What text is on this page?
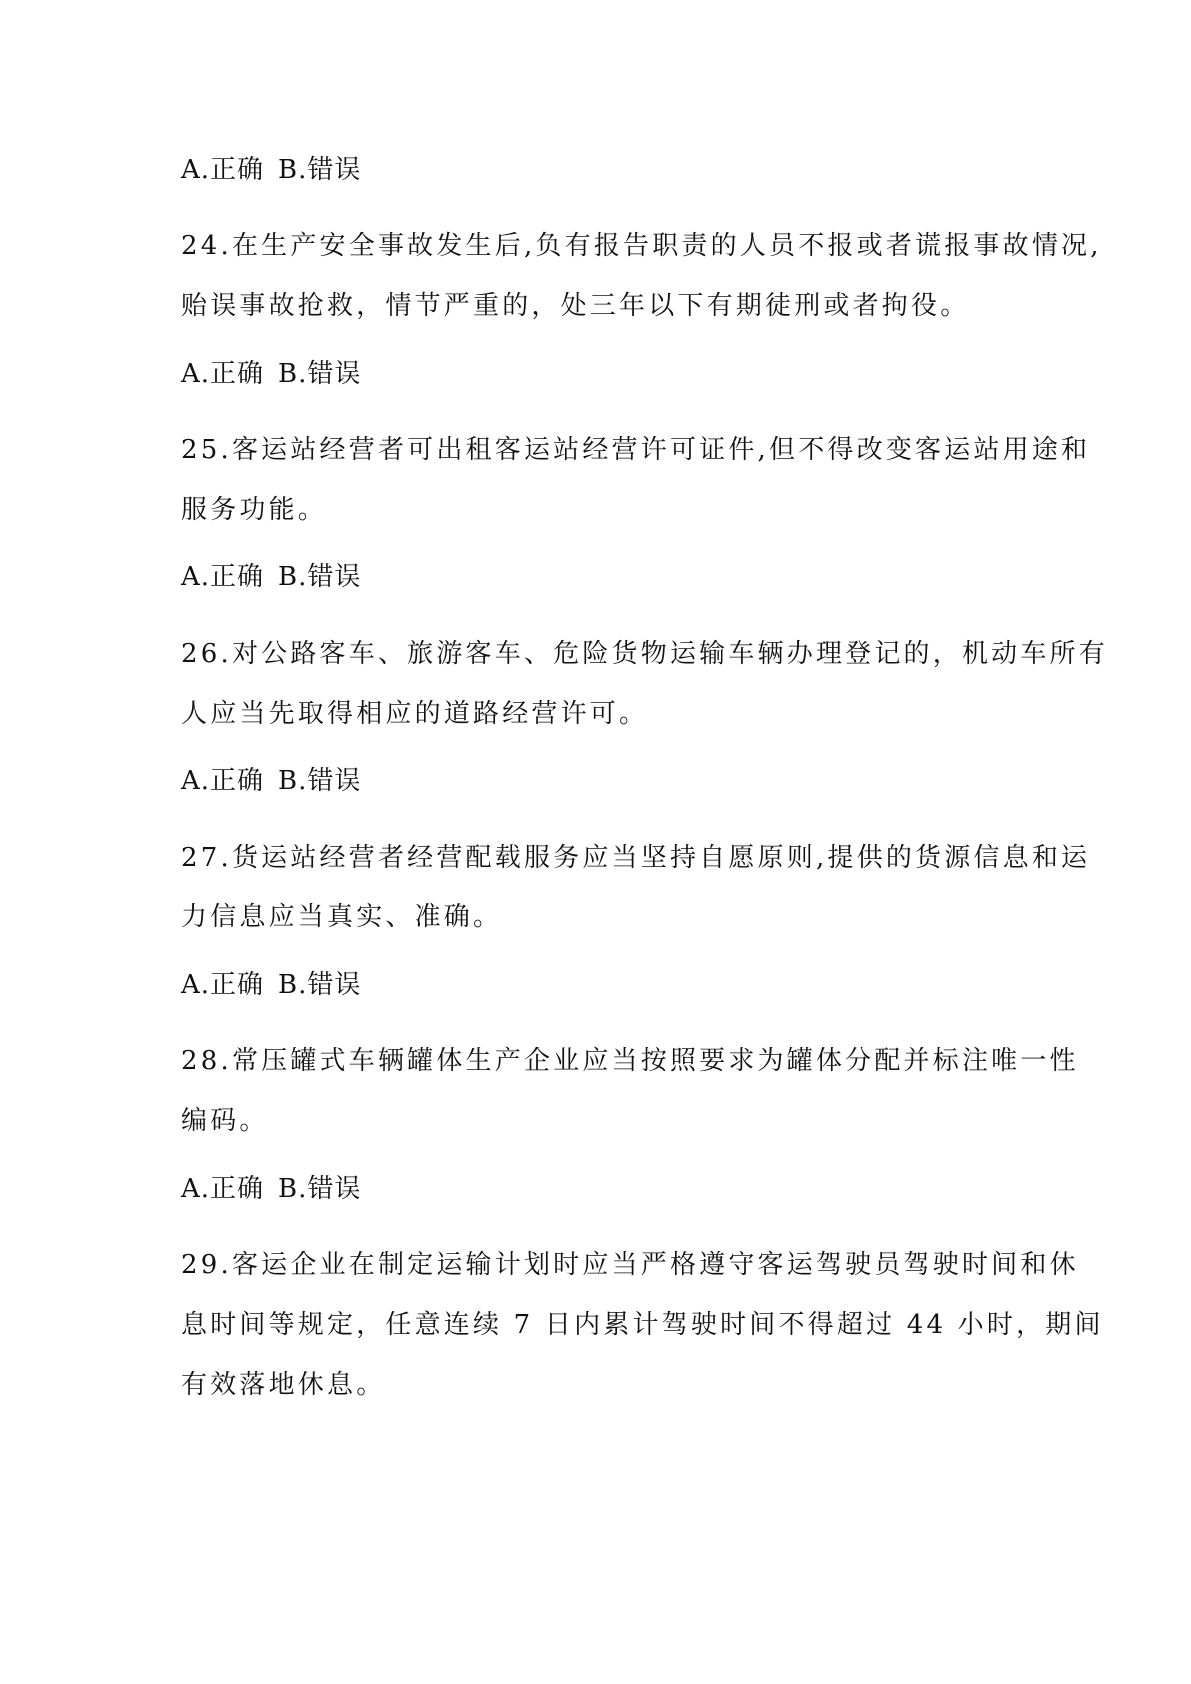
A.正确 B.错误
24.在生产安全事故发生后,负有报告职责的人员不报或者谎报事故情况,
贻误事故抢救，情节严重的，处三年以下有期徒刑或者拘役。
A.正确 B.错误
25.客运站经营者可出租客运站经营许可证件,但不得改变客运站用途和
服务功能。
A.正确 B.错误
26.对公路客车、旅游客车、危险货物运输车辆办理登记的，机动车所有
人应当先取得相应的道路经营许可。
A.正确 B.错误
27.货运站经营者经营配载服务应当坚持自愿原则,提供的货源信息和运
力信息应当真实、准确。
A.正确 B.错误
28.常压罐式车辆罐体生产企业应当按照要求为罐体分配并标注唯一性
编码。
A.正确 B.错误
29.客运企业在制定运输计划时应当严格遵守客运驾驶员驾驶时间和休
息时间等规定，任意连续 7 日内累计驾驶时间不得超过 44 小时，期间
有效落地休息。
